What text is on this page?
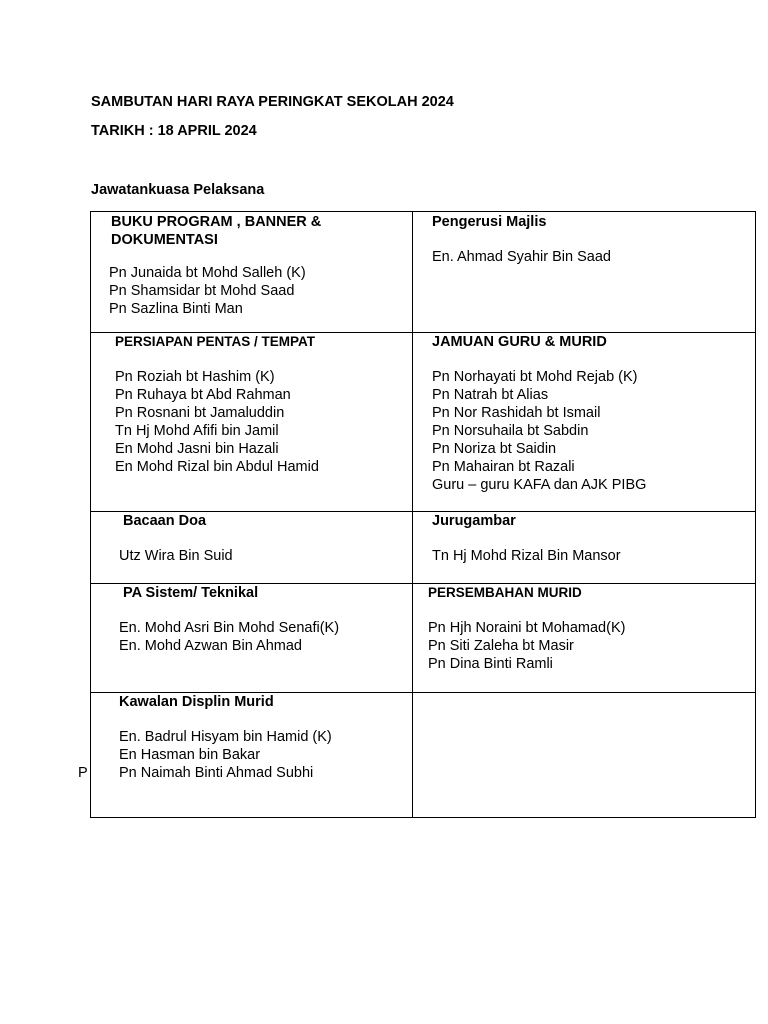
SAMBUTAN HARI RAYA PERINGKAT SEKOLAH 2024
TARIKH : 18 APRIL 2024
Jawatankuasa Pelaksana
P
BUKU PROGRAM , BANNER &
DOKUMENTASI
Pn Junaida bt Mohd Salleh (K)
Pn Shamsidar bt Mohd Saad
Pn Sazlina Binti Man
Pengerusi Majlis
En. Ahmad Syahir Bin Saad
PERSIAPAN PENTAS / TEMPAT
Pn Roziah bt Hashim (K)
Pn Ruhaya bt Abd Rahman
Pn Rosnani bt Jamaluddin
Tn Hj Mohd Afifi bin Jamil
En Mohd Jasni bin Hazali
En Mohd Rizal bin Abdul Hamid
JAMUAN GURU & MURID
Pn Norhayati bt Mohd Rejab (K)
Pn Natrah bt Alias
Pn Nor Rashidah bt Ismail
Pn Norsuhaila bt Sabdin
Pn Noriza bt Saidin
Pn Mahairan bt Razali
Guru – guru KAFA dan AJK PIBG
Bacaan Doa
Utz Wira Bin Suid
Jurugambar
Tn Hj Mohd Rizal Bin Mansor
PA Sistem/ Teknikal
En. Mohd Asri Bin Mohd Senafi(K)
En. Mohd Azwan Bin Ahmad
PERSEMBAHAN MURID
Pn Hjh Noraini bt Mohamad(K)
Pn Siti Zaleha bt Masir
Pn Dina Binti Ramli
Kawalan Displin Murid
En. Badrul Hisyam bin Hamid (K)
En Hasman bin Bakar
Pn Naimah Binti Ahmad Subhi
